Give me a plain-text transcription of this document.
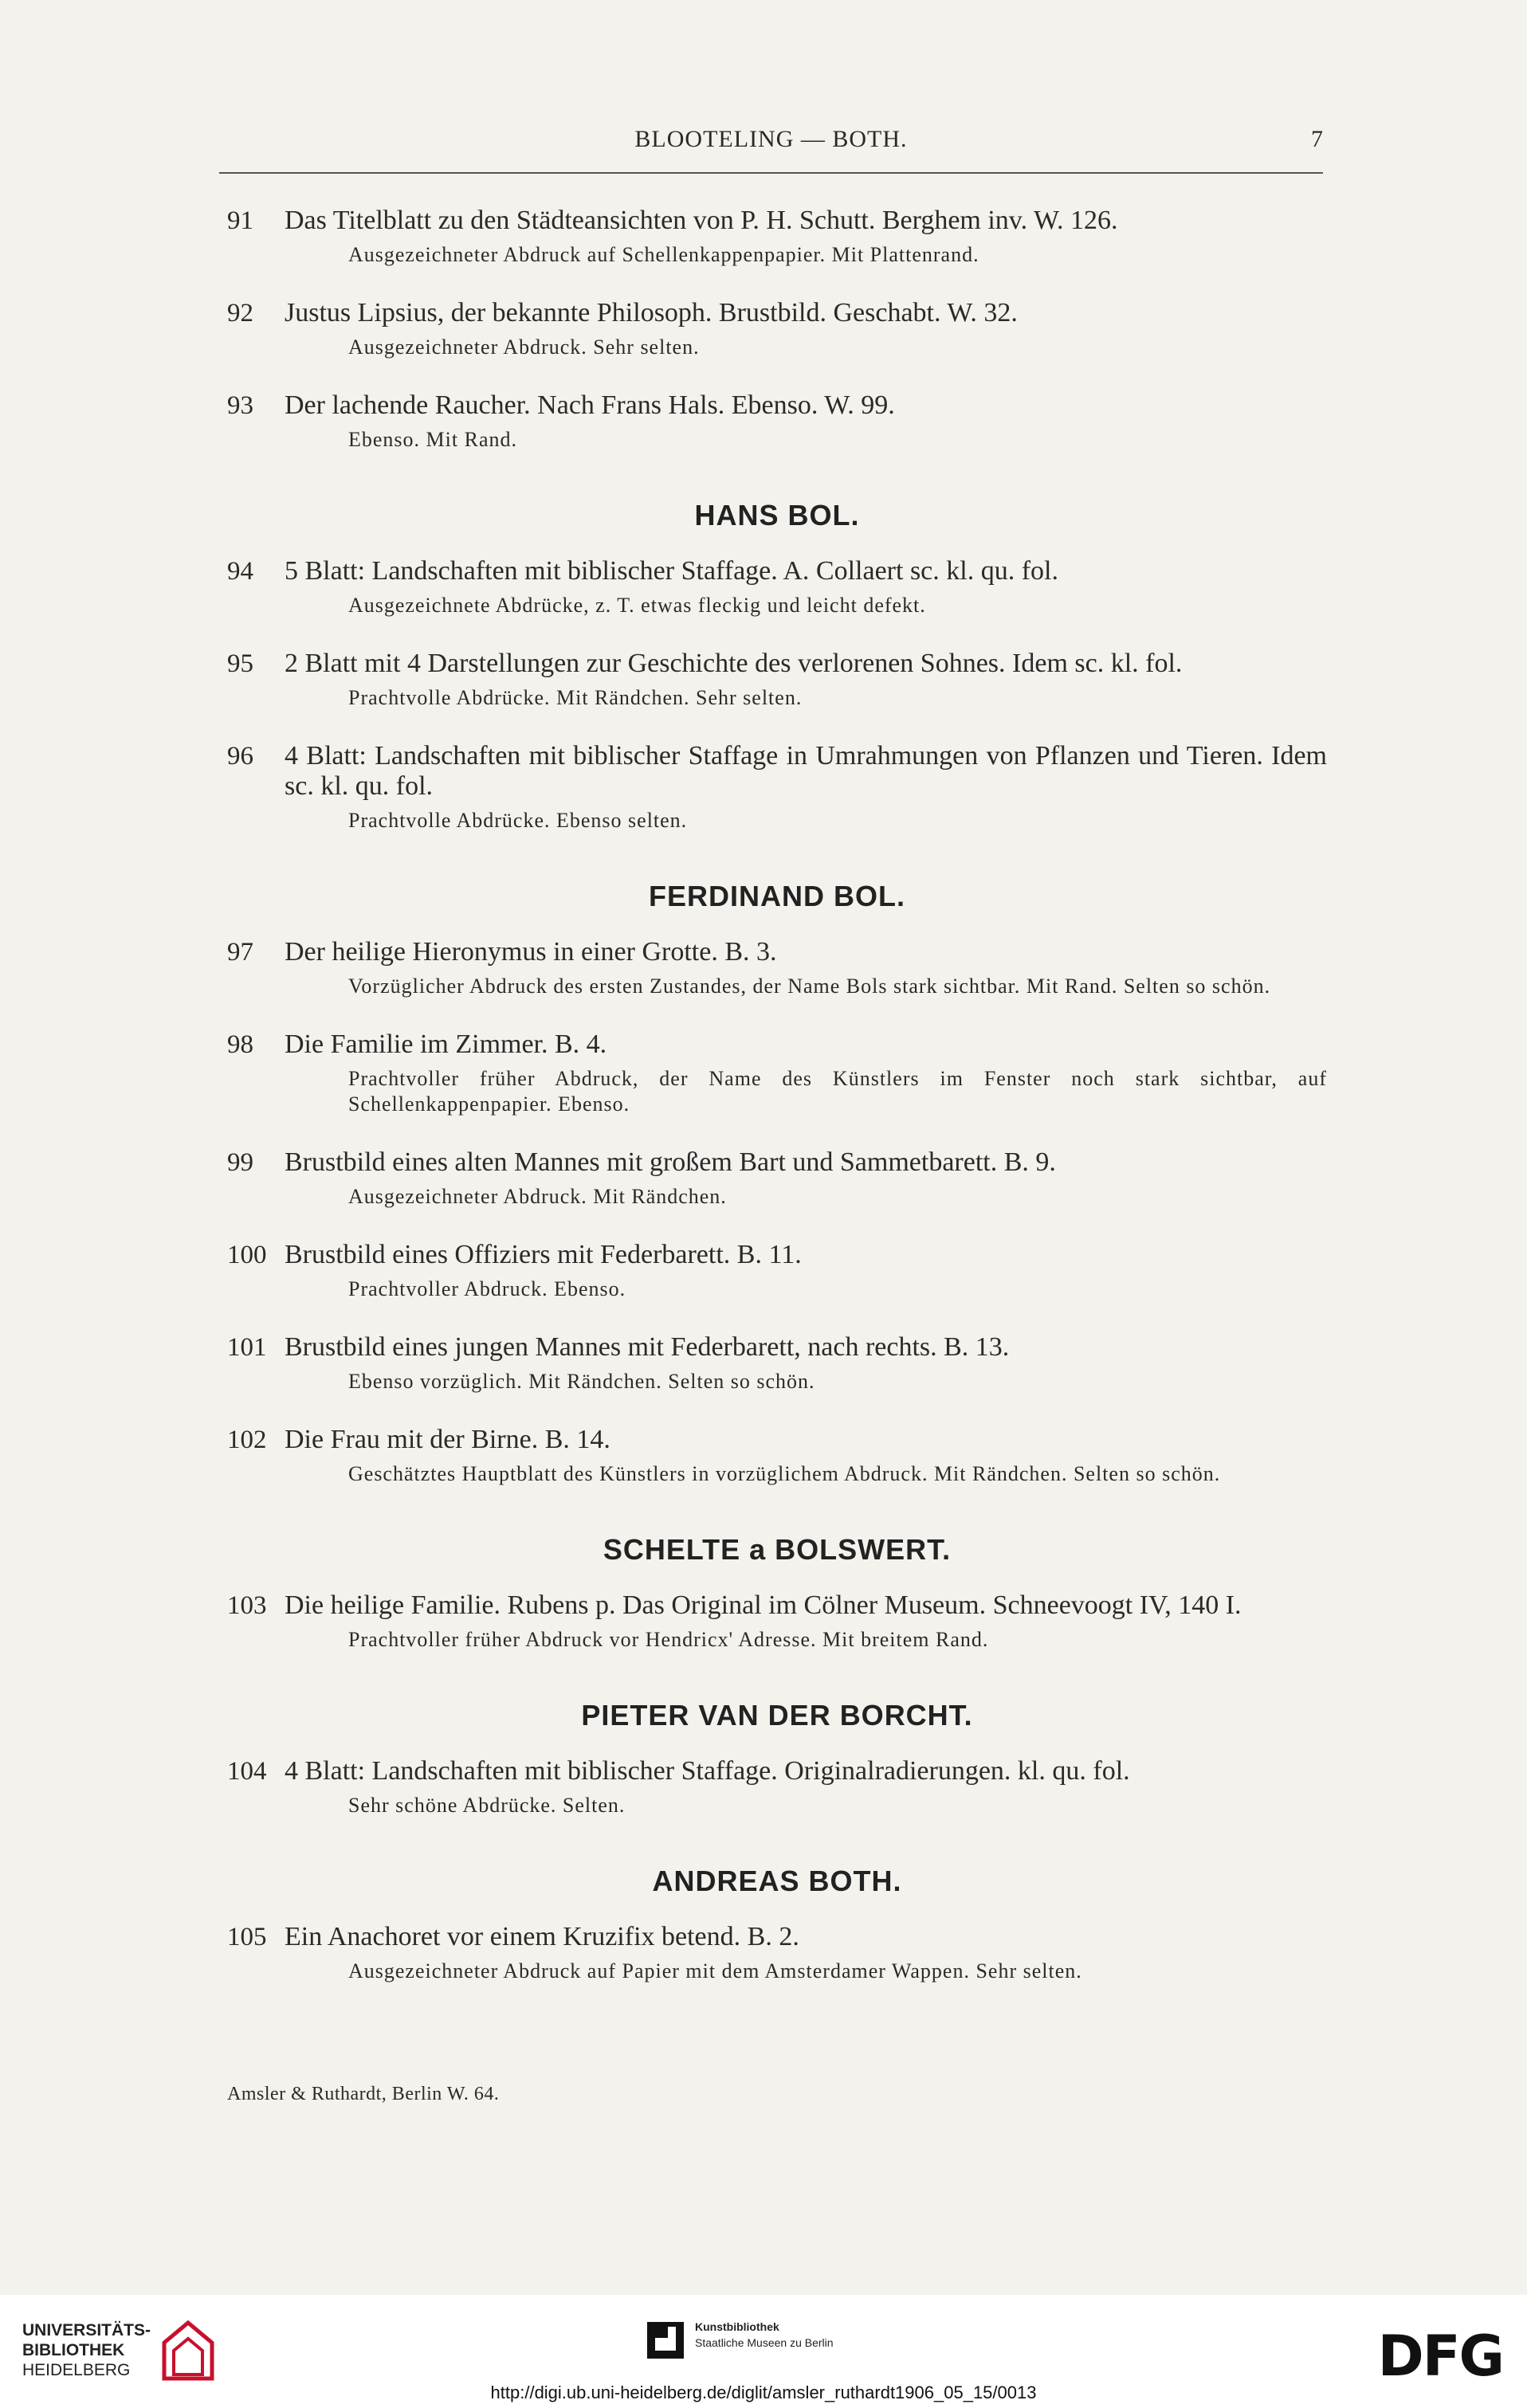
BLOOTELING — BOTH.	7
91	Das Titelblatt zu den Städteansichten von P. H. Schutt. Berghem inv. W. 126.
Ausgezeichneter Abdruck auf Schellenkappenpapier. Mit Plattenrand.
92	Justus Lipsius, der bekannte Philosoph. Brustbild. Geschabt. W. 32.
Ausgezeichneter Abdruck. Sehr selten.
93	Der lachende Raucher. Nach Frans Hals. Ebenso. W. 99.
Ebenso. Mit Rand.
HANS BOL.
94	5 Blatt: Landschaften mit biblischer Staffage. A. Collaert sc. kl. qu. fol.
Ausgezeichnete Abdrücke, z. T. etwas fleckig und leicht defekt.
95	2 Blatt mit 4 Darstellungen zur Geschichte des verlorenen Sohnes. Idem sc. kl. fol.
Prachtvolle Abdrücke. Mit Rändchen. Sehr selten.
96	4 Blatt: Landschaften mit biblischer Staffage in Umrahmungen von Pflanzen und Tieren. Idem sc. kl. qu. fol.
Prachtvolle Abdrücke. Ebenso selten.
FERDINAND BOL.
97	Der heilige Hieronymus in einer Grotte. B. 3.
Vorzüglicher Abdruck des ersten Zustandes, der Name Bols stark sichtbar. Mit Rand. Selten so schön.
98	Die Familie im Zimmer. B. 4.
Prachtvoller früher Abdruck, der Name des Künstlers im Fenster noch stark sichtbar, auf Schellenkappenpapier. Ebenso.
99	Brustbild eines alten Mannes mit großem Bart und Sammetbarett. B. 9.
Ausgezeichneter Abdruck. Mit Rändchen.
100 Brustbild eines Offiziers mit Federbarett. B. 11.
Prachtvoller Abdruck. Ebenso.
101 Brustbild eines jungen Mannes mit Federbarett, nach rechts. B. 13.
Ebenso vorzüglich. Mit Rändchen. Selten so schön.
102 Die Frau mit der Birne. B. 14.
Geschätztes Hauptblatt des Künstlers in vorzüglichem Abdruck. Mit Rändchen. Selten so schön.
SCHELTE a BOLSWERT.
103 Die heilige Familie. Rubens p. Das Original im Cölner Museum. Schneevoogt IV, 140 I.
Prachtvoller früher Abdruck vor Hendricx' Adresse. Mit breitem Rand.
PIETER VAN DER BORCHT.
104 4 Blatt: Landschaften mit biblischer Staffage. Originalradierungen. kl. qu. fol.
Sehr schöne Abdrücke. Selten.
ANDREAS BOTH.
105 Ein Anachoret vor einem Kruzifix betend. B. 2.
Ausgezeichneter Abdruck auf Papier mit dem Amsterdamer Wappen. Sehr selten.
Amsler & Ruthardt, Berlin W. 64.
UNIVERSITÄTS-
BIBLIOTHEK
HEIDELBERG
Kunstbibliothek
Staatliche Museen zu Berlin	DFG
http://digi.ub.uni-heidelberg.de/diglit/amsler_ruthardt1906_05_15/0013
